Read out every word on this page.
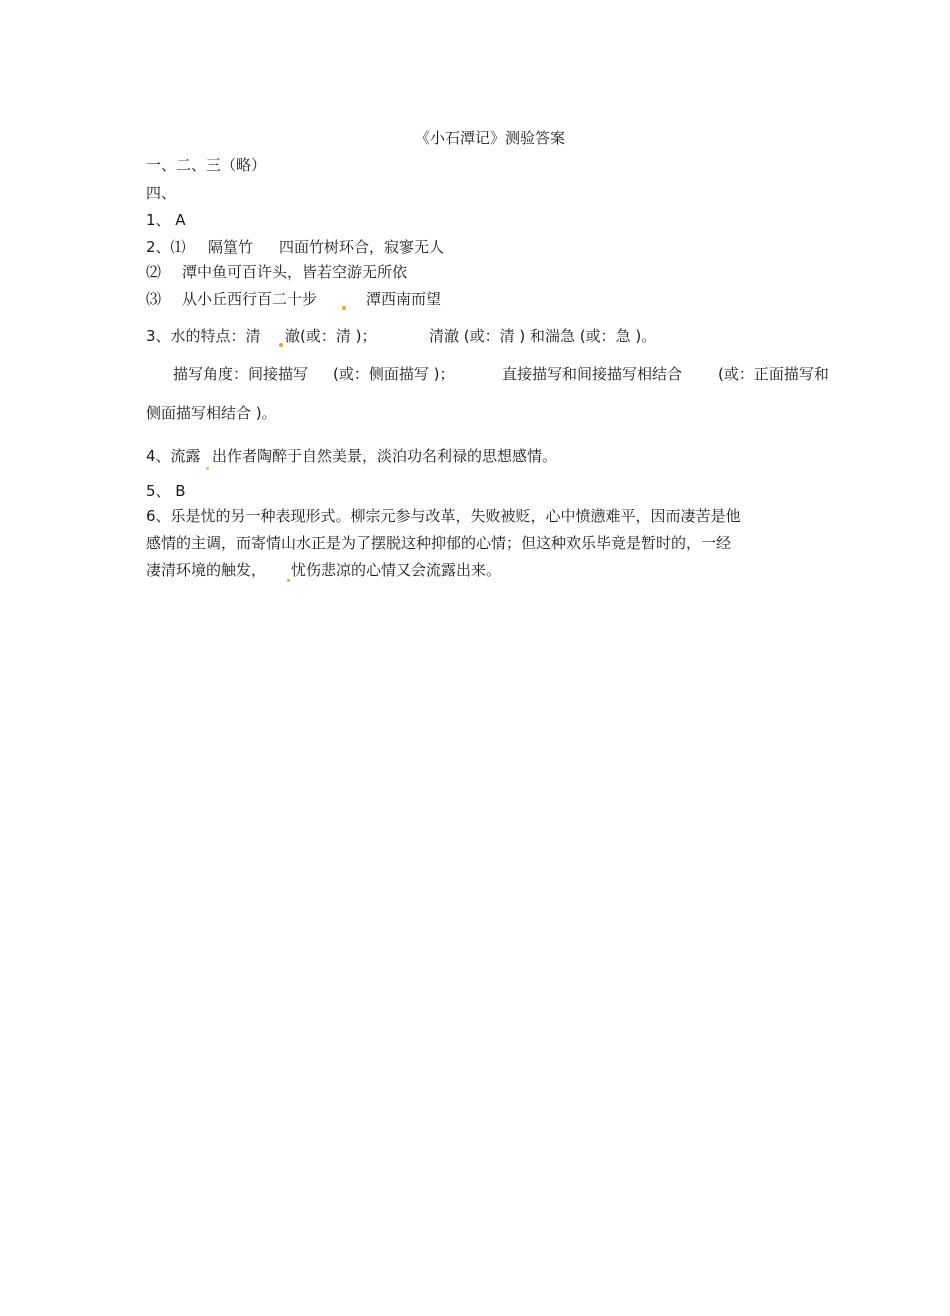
《小石潭记》测验答案
一、二、三（略）
四、
1、 A
2、⑴ 隔篁竹 四面竹树环合，寂寥无人
⑵ 潭中鱼可百许头，皆若空游无所依
⑶ 从小丘西行百二十步	潭西南而望
3、水的特点：清 澈(或：清 )；	清澈 (或：清 ) 和湍急 (或：急 )。
描写角度：间接描写 (或：侧面描写 )；	直接描写和间接描写相结合 (或：正面描写和
侧面描写相结合 )。
4、流露 出作者陶醉于自然美景，淡泊功名利禄的思想感情。
5、 B
6、乐是忧的另一种表现形式。柳宗元参与改革，失败被贬，心中愤懑难平，因而凄苦是他
感情的主调，而寄情山水正是为了摆脱这种抑郁的心情；但这种欢乐毕竟是暂时的，一经
凄清环境的触发， 忧伤悲凉的心情又会流露出来。
